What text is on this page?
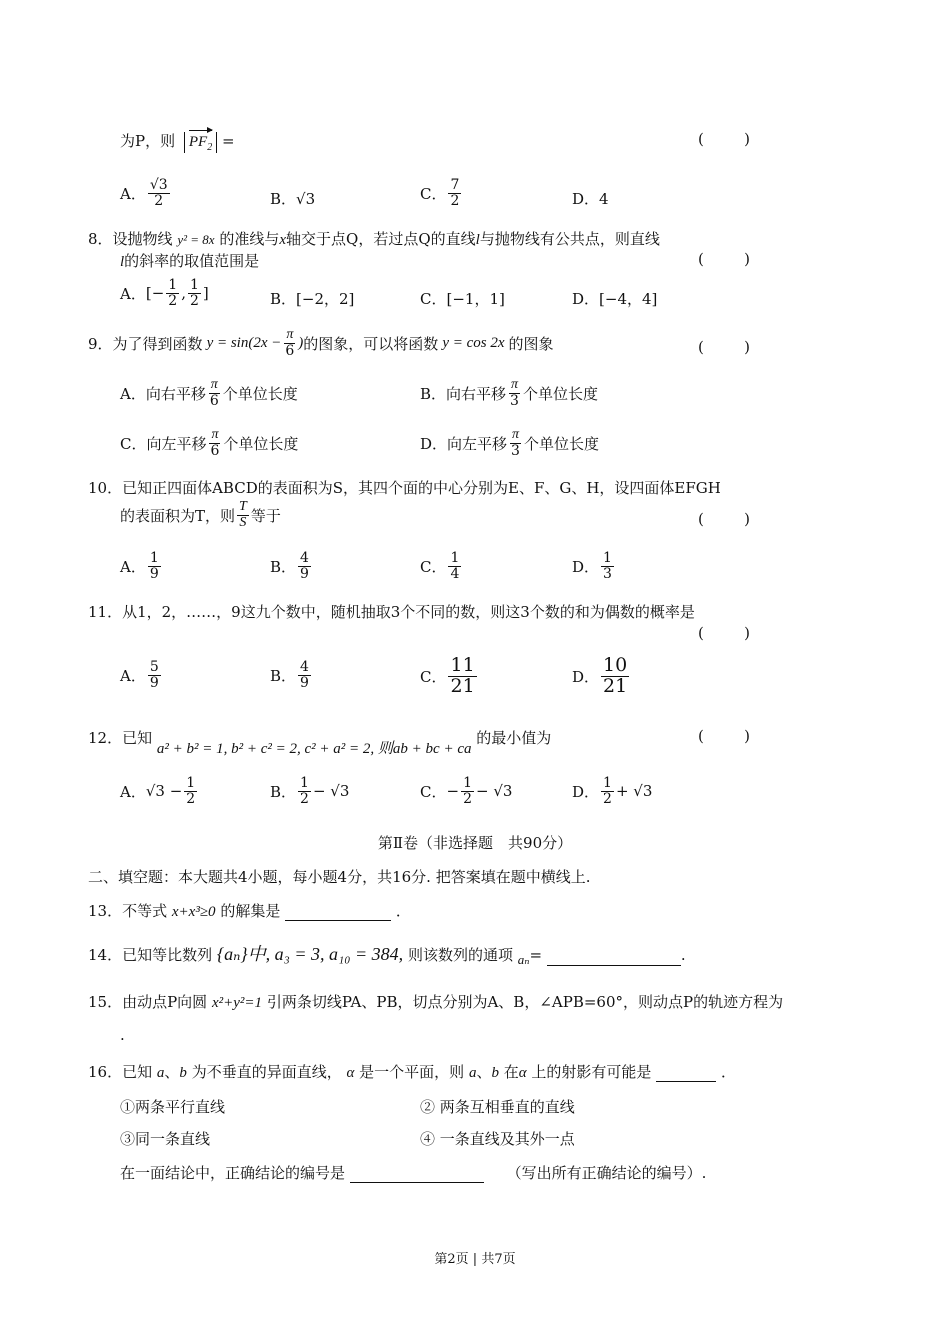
为P，则 $PF_2$ =	(	)
A． $\frac{√3}{2}$	B． √3	C． $\frac{7}{2}$	D． 4
8．设抛物线 y² = 8x 的准线与x轴交于点Q，若过点Q的直线l与抛物线有公共点，则直线
l的斜率的取值范围是	(	)
A． [− $\frac{1}{2}$ , $\frac{1}{2}$ ]	B．[−2，2]	C．[−1，1]	D．[−4，4]
9． 为了得到函数 $y = \sin(2x - \frac{\pi}{6}$ ) 的图象，可以将函数 y = cos 2x 的图象	(	)
A．向右平移 $\frac{\pi}{6}$ 个单位长度	B．向右平移 $\frac{\pi}{3}$ 个单位长度
C．向左平移 $\frac{\pi}{6}$ 个单位长度	D．向左平移 $\frac{\pi}{3}$ 个单位长度
10．已知正四面体ABCD的表面积为S，其四个面的中心分别为E、F、G、H，设四面体EFGH
的表面积为T，则 $\frac{T}{S}$ 等于	(	)
A． $\frac{1}{9}$	B． $\frac{4}{9}$	C． $\frac{1}{4}$	D． $\frac{1}{3}$
11．从1，2，……，9这九个数中，随机抽取3个不同的数，则这3个数的和为偶数的概率是
(	)
A． $\frac{5}{9}$	B． $\frac{4}{9}$	C． $\frac{11}{21}$	D． $\frac{10}{21}$
12．已知 a² + b² = 1, b² + c² = 2, c² + a² = 2, 则ab + bc + ca 的最小值为	(	)
A． $√3 - \frac{1}{2}$	B． $\frac{1}{2} - √3$	C． − $\frac{1}{2} - √3$	D． $\frac{1}{2} + √3$
第Ⅱ卷（非选择题　共90分）
二、填空题：本大题共4小题，每小题4分，共16分. 把答案填在题中横线上.
13．不等式 x+x³≥0 的解集是	．
14．已知等比数列 {aₙ}中, a₃ = 3, a₁₀ = 384, 则该数列的通项 aₙ=	.
15．由动点P向圆 x²+y²=1 引两条切线PA、PB，切点分别为A、B，∠APB=60°，则动点P的轨迹方程为
.
16．已知 a、b 为不垂直的异面直线， α 是一个平面，则 a、b 在α 上的射影有可能是	．
①两条平行直线	② 两条互相垂直的直线
③同一条直线	④ 一条直线及其外一点
在一面结论中，正确结论的编号是	（写出所有正确结论的编号）.
第2页 | 共7页
